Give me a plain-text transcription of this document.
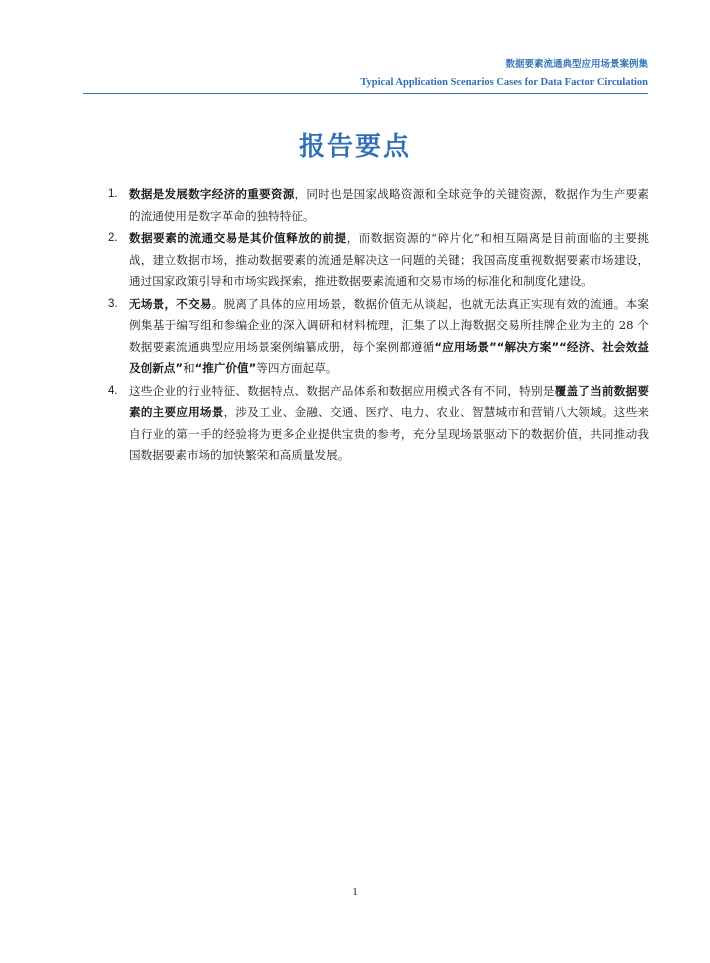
数据要素流通典型应用场景案例集
Typical Application Scenarios Cases for Data Factor Circulation
报告要点
1. 数据是发展数字经济的重要资源，同时也是国家战略资源和全球竞争的关键资源，数据作为生产要素的流通使用是数字革命的独特特征。
2. 数据要素的流通交易是其价值释放的前提，而数据资源的“碎片化”和相互隔离是目前面临的主要挑战，建立数据市场，推动数据要素的流通是解决这一问题的关键；我国高度重视数据要素市场建设，通过国家政策引导和市场实践探索，推进数据要素流通和交易市场的标准化和制度化建设。
3. 无场景，不交易。脱离了具体的应用场景，数据价值无从谈起，也就无法真正实现有效的流通。本案例集基于编写组和参编企业的深入调研和材料梳理，汇集了以上海数据交易所挂牌企业为主的 28 个数据要素流通典型应用场景案例编纂成册，每个案例都遵循“应用场景”“解决方案”“经济、社会效益及创新点”和“推广价值”等四方面起草。
4. 这些企业的行业特征、数据特点、数据产品体系和数据应用模式各有不同，特别是覆盖了当前数据要素的主要应用场景，涉及工业、金融、交通、医疗、电力、农业、智慧城市和营销八大领域。这些来自行业的第一手的经验将为更多企业提供宝贵的参考，充分呈现场景驱动下的数据价值，共同推动我国数据要素市场的加快繁荣和高质量发展。
1
